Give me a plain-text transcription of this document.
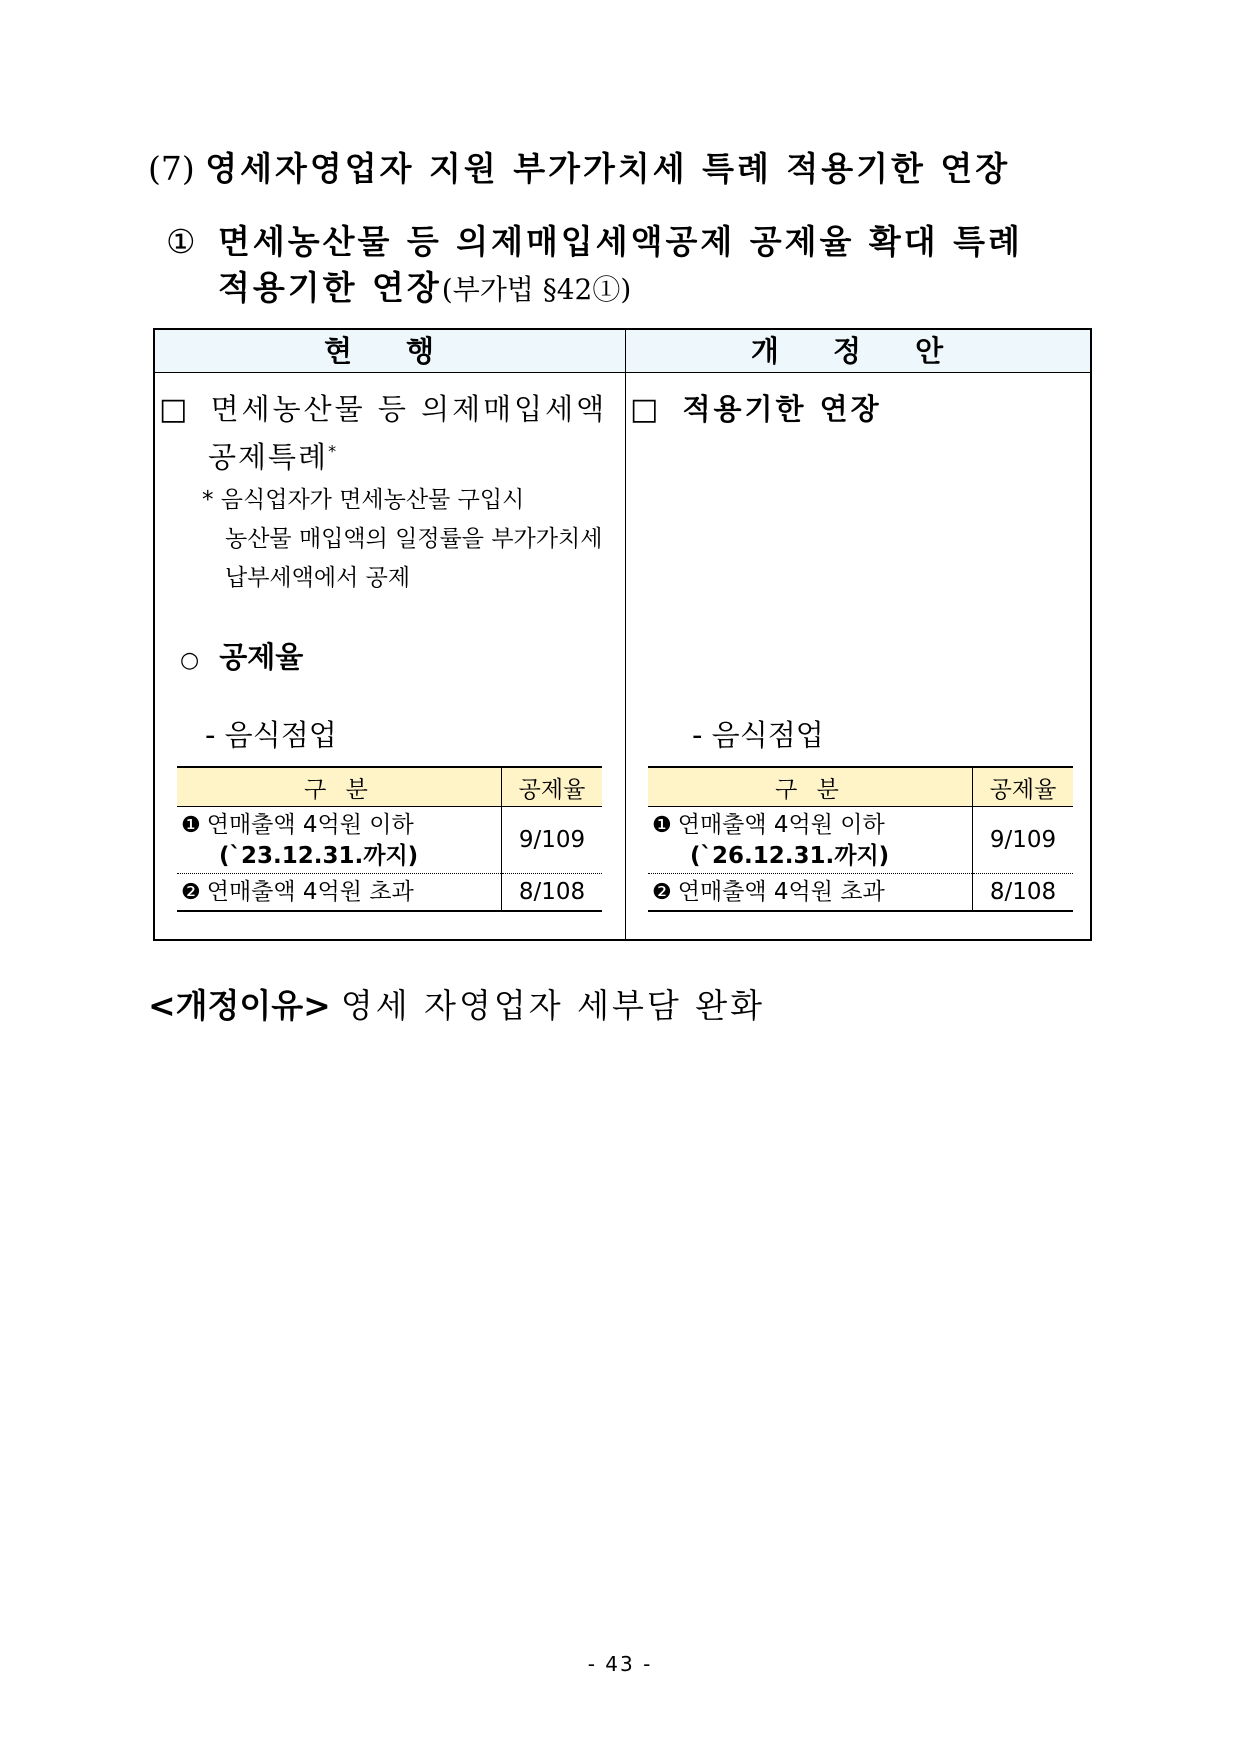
(7) 영세자영업자 지원 부가가치세 특례 적용기한 연장
① 면세농산물 등 의제매입세액공제 공제율 확대 특례
적용기한 연장(부가법 §42①)
현 행	개 정 안
□ 면세농산물 등 의제매입세액
공제특례*
* 음식업자가 면세농산물 구입시
농산물 매입액의 일정률을 부가가치세
납부세액에서 공제
○ 공제율
- 음식점업
구 분	공제율

❶ 연매출액 4억원 이하
(`23.12.31.까지)	9/109

❷ 연매출액 4억원 초과	8/108
□ 적용기한 연장
- 음식점업
구 분	공제율

❶ 연매출액 4억원 이하
(`26.12.31.까지)	9/109

❷ 연매출액 4억원 초과	8/108
<개정이유> 영세 자영업자 세부담 완화
- 43 -
